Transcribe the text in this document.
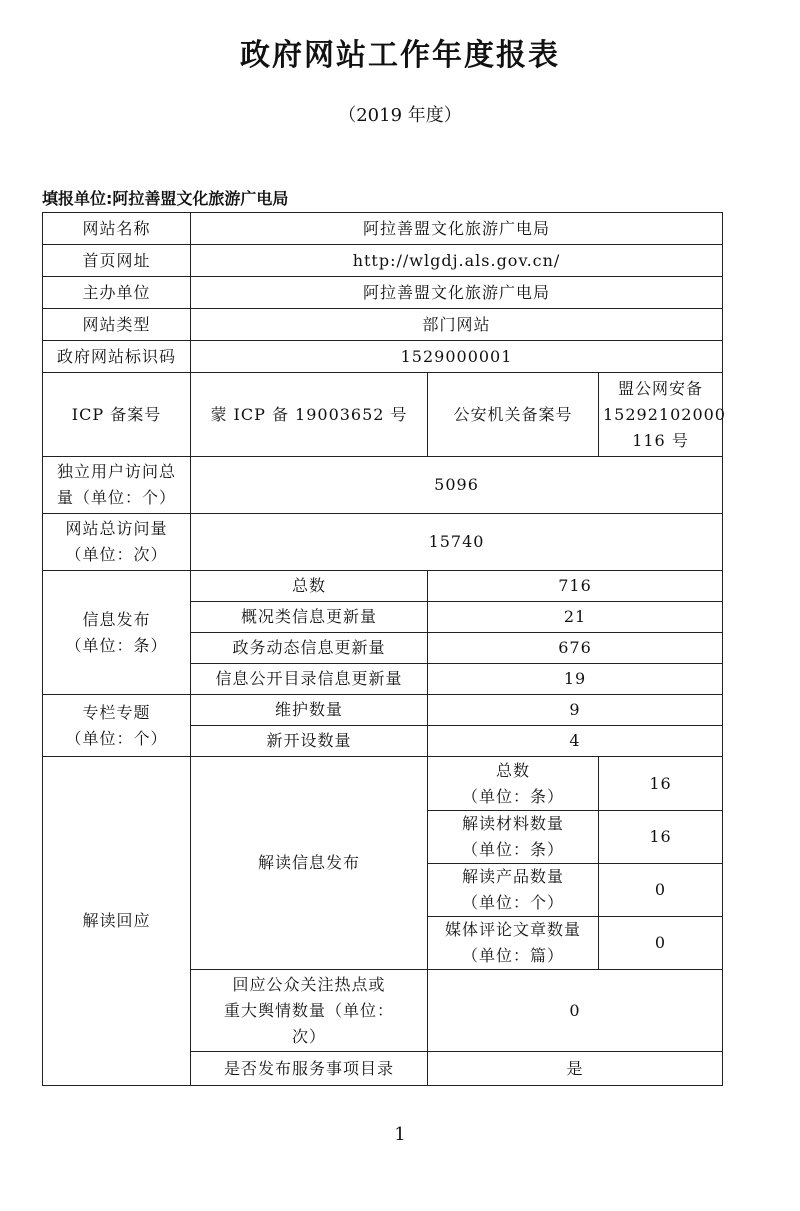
政府网站工作年度报表
（2019 年度）
填报单位:阿拉善盟文化旅游广电局
网站名称	阿拉善盟文化旅游广电局		
首页网址	http://wlgdj.als.gov.cn/		
主办单位	阿拉善盟文化旅游广电局		
网站类型	部门网站		
政府网站标识码	1529000001		
ICP 备案号	蒙 ICP 备 19003652 号	公安机关备案号	盟公网安备
15292102000
116 号

独立用户访问总
量（单位：个）	5096		

网站总访问量
（单位：次）	15740		

信息发布
（单位：条）	总数	716	
	概况类信息更新量	21	
	政务动态信息更新量	676	
	信息公开目录信息更新量	19	

专栏专题
（单位：个）	维护数量	9	
	新开设数量	4	
解读回应	解读信息发布	总数
（单位：条）	16

		解读材料数量
（单位：条）	16

		解读产品数量
（单位：个）	0

		媒体评论文章数量
（单位：篇）	0

	回应公众关注热点或
重大舆情数量（单位：
次）	0	
	是否发布服务事项目录	是	
1
